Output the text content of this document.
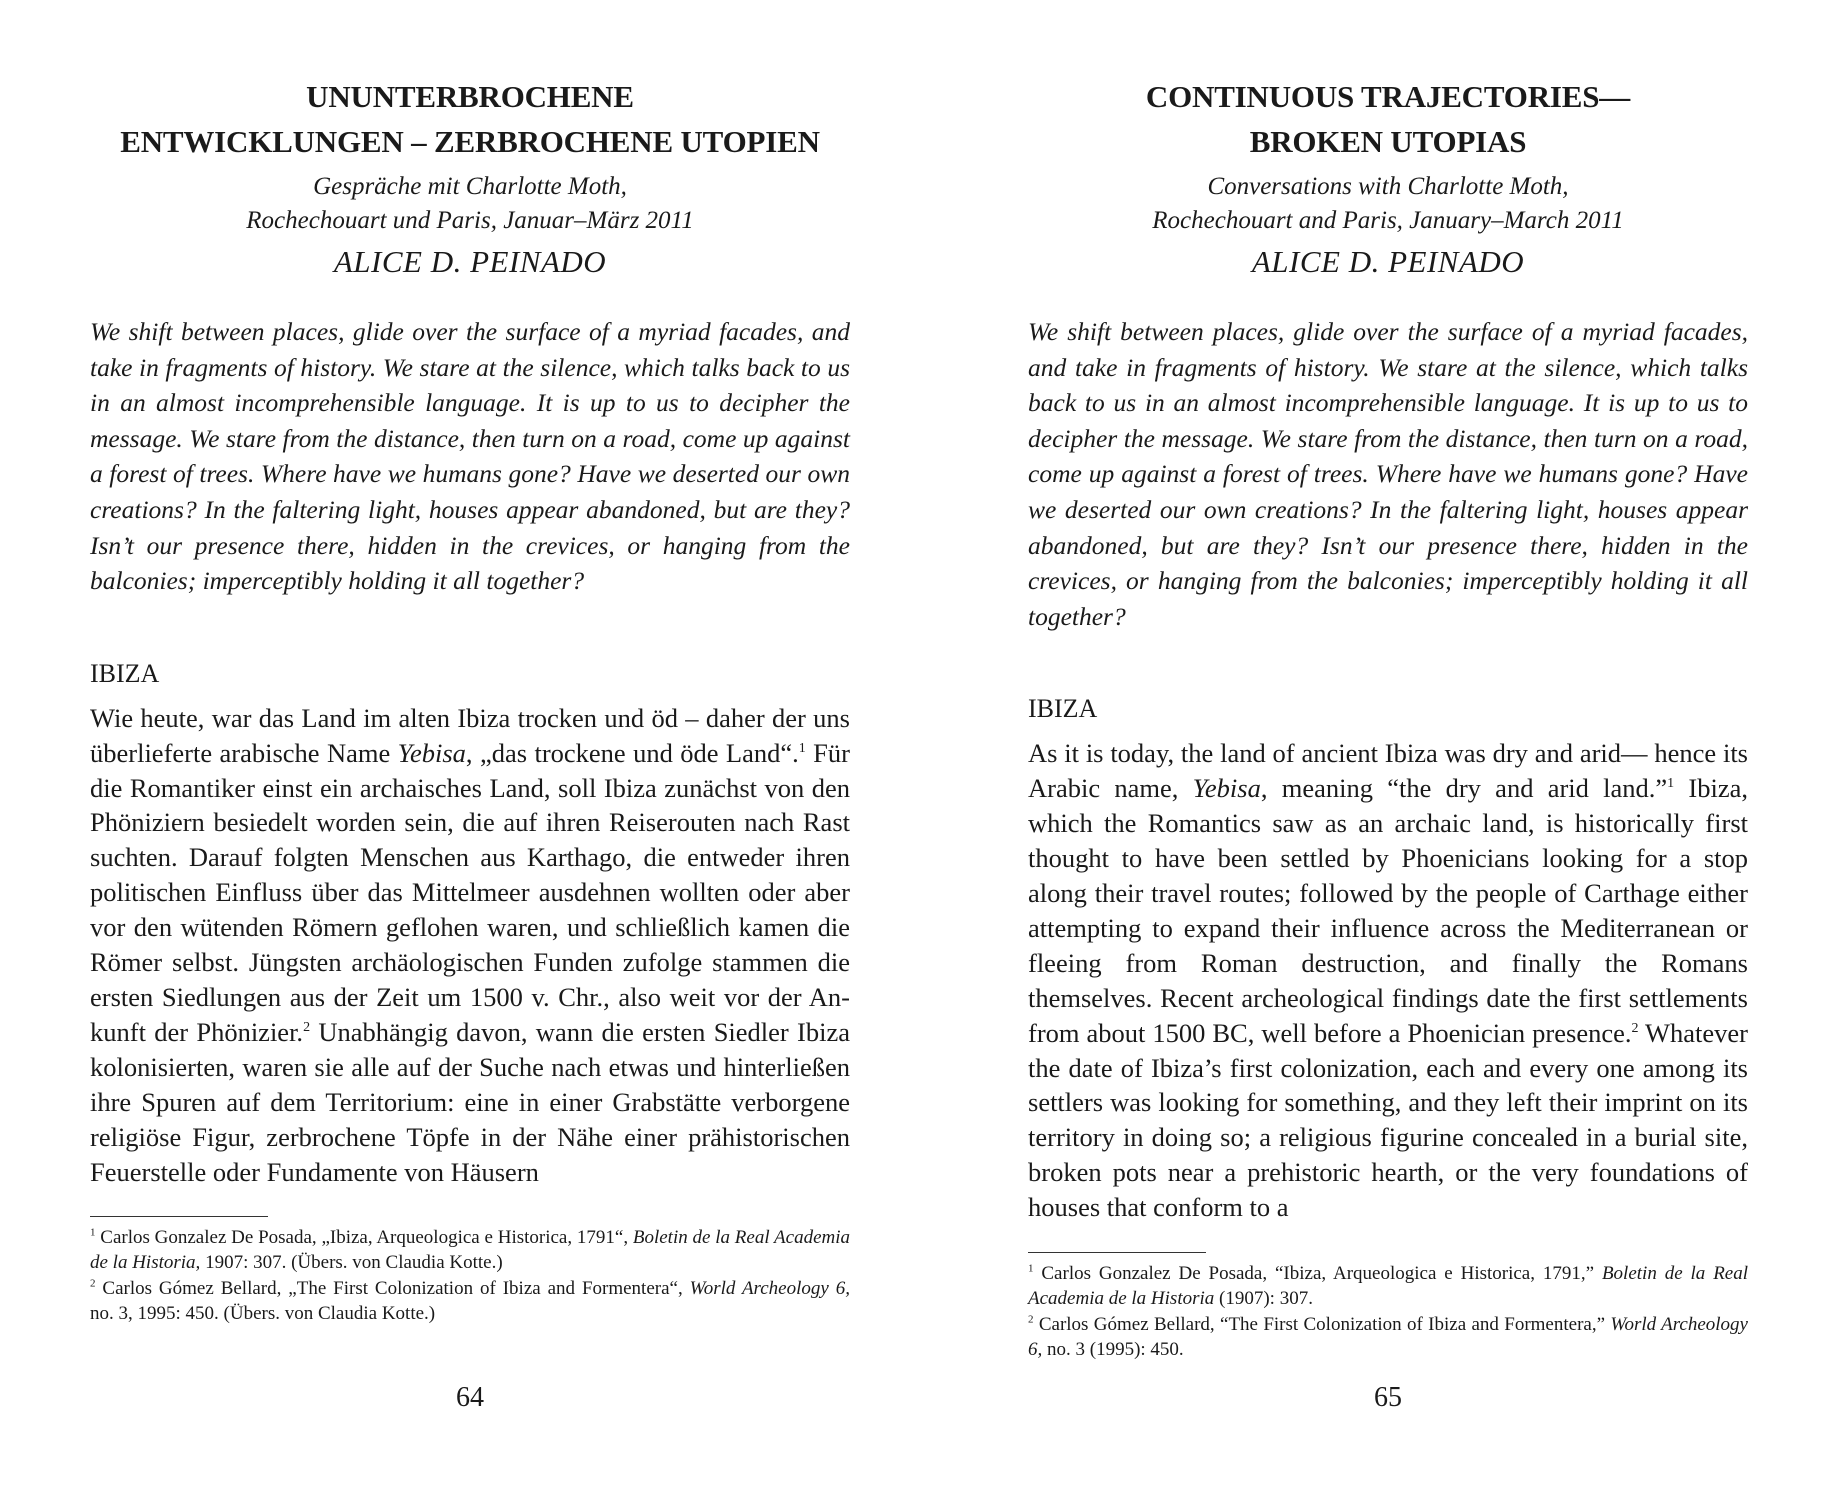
UNUNTERBROCHENE
ENTWICKLUNGEN – ZERBROCHENE UTOPIEN
Gespräche mit Charlotte Moth,
Rochechouart und Paris, Januar–März 2011
ALICE D. PEINADO

We shift between places, glide over the surface of a myriad facades, and take in fragments of history. We stare at the silence, which talks back to us in an almost incomprehensible language. It is up to us to decipher the message. We stare from the distance, then turn on a road, come up against a forest of trees. Where have we humans gone? Have we deserted our own creations? In the faltering light, houses appear abandoned, but are they? Isn’t our presence there, hidden in the crevices, or hanging from the balconies; imperceptibly holding it all together?

IBIZA

Wie heute, war das Land im alten Ibiza trocken und öd – daher der uns überlieferte arabische Name Yebisa, „das trockene und öde Land“.$^1$ Für die Romantiker einst ein archaisches Land, soll Ibiza zunächst von den Phöniziern besiedelt worden sein, die auf ihren Reiserouten nach Rast suchten. Darauf folgten Menschen aus Karthago, die entweder ihren politischen Einfluss über das Mittelmeer ausdehnen wollten oder aber vor den wütenden Römern geflohen waren, und schließlich kamen die Römer selbst. Jüngsten archäologischen Funden zufolge stammen die ersten Siedlungen aus der Zeit um 1500 v. Chr., also weit vor der Ankunft der Phönizier.$^2$ Unabhängig davon, wann die ersten Siedler Ibiza kolonisierten, waren sie alle auf der Suche nach etwas und hinterließen ihre Spuren auf dem Territorium: eine in einer Grabstätte verborgene religiöse Figur, zerbrochene Töpfe in der Nähe einer prähistorischen Feuerstelle oder Fundamente von Häusern

$^1$ Carlos Gonzalez De Posada, „Ibiza, Arqueologica e Historica, 1791“, Boletin de la Real Academia de la Historia, 1907: 307. (Übers. von Claudia Kotte.)
$^2$ Carlos Gómez Bellard, „The First Colonization of Ibiza and Formentera“, World Archeology 6, no. 3, 1995: 450. (Übers. von Claudia Kotte.)
64
CONTINUOUS TRAJECTORIES—
BROKEN UTOPIAS
Conversations with Charlotte Moth,
Rochechouart and Paris, January–March 2011
ALICE D. PEINADO

We shift between places, glide over the surface of a myriad facades, and take in fragments of history. We stare at the silence, which talks back to us in an almost incomprehensible language. It is up to us to decipher the message. We stare from the distance, then turn on a road, come up against a forest of trees. Where have we humans gone? Have we deserted our own creations? In the faltering light, houses appear abandoned, but are they? Isn’t our presence there, hidden in the crevices, or hanging from the balconies; imperceptibly holding it all together?

IBIZA

As it is today, the land of ancient Ibiza was dry and arid— hence its Arabic name, Yebisa, meaning “the dry and arid land.”$^1$ Ibiza, which the Romantics saw as an archaic land, is historically first thought to have been settled by Phoenicians looking for a stop along their travel routes; followed by the people of Carthage either attempting to expand their influence across the Mediterranean or fleeing from Roman destruction, and finally the Romans themselves. Recent archeological findings date the first settlements from about 1500 BC, well before a Phoenician presence.$^2$ Whatever the date of Ibiza’s first colonization, each and every one among its settlers was looking for something, and they left their imprint on its territory in doing so; a religious figurine concealed in a burial site, broken pots near a prehistoric hearth, or the very foundations of houses that conform to a

$^1$ Carlos Gonzalez De Posada, “Ibiza, Arqueologica e Historica, 1791,” Boletin de la Real Academia de la Historia (1907): 307.
$^2$ Carlos Gómez Bellard, “The First Colonization of Ibiza and Formentera,” World Archeology 6, no. 3 (1995): 450.
65
